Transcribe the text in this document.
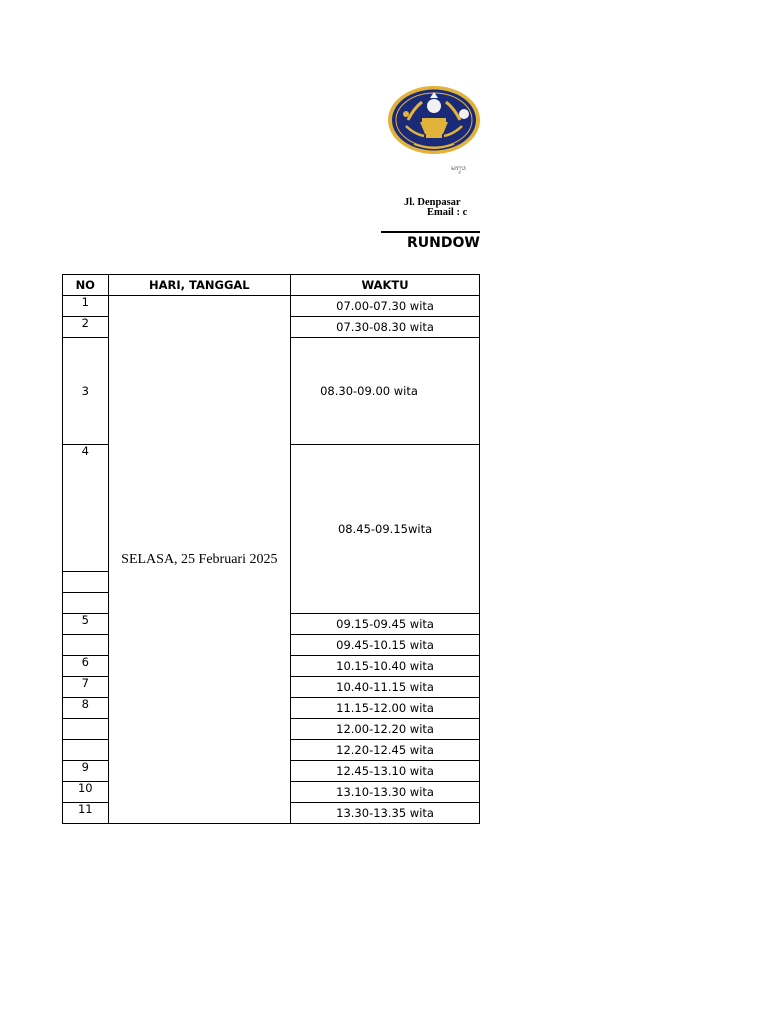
ᬲᬭᬸᬯ
Jl. Denpasar
Email : c
RUNDOW
NO	HARI, TANGGAL	WAKTU
1	SELASA, 25 Februari 2025	07.00-07.30 wita
2		07.30-08.30 wita
3		08.30-09.00 wita
4		08.45-09.15wita

5		09.15-09.45 wita
		09.45-10.15 wita
6		10.15-10.40 wita
7		10.40-11.15 wita
8		11.15-12.00 wita
		12.00-12.20 wita
		12.20-12.45 wita
9		12.45-13.10 wita
10		13.10-13.30 wita
11		13.30-13.35 wita
